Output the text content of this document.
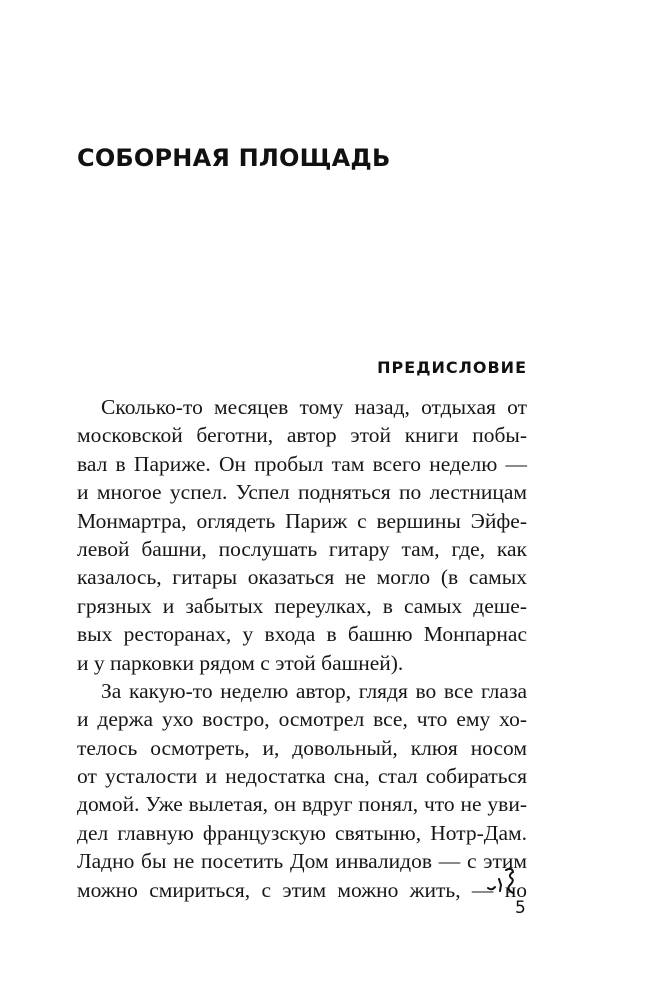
СОБОРНАЯ ПЛОЩАДЬ
ПРЕДИСЛОВИЕ
Сколько-то месяцев тому назад, отдыхая от
московской беготни, автор этой книги побы-
вал в Париже. Он пробыл там всего неделю —
и многое успел. Успел подняться по лестницам
Монмартра, оглядеть Париж с вершины Эйфе-
левой башни, послушать гитару там, где, как
казалось, гитары оказаться не могло (в самых
грязных и забытых переулках, в самых деше-
вых ресторанах, у входа в башню Монпарнас
и у парковки рядом с этой башней).
За какую-то неделю автор, глядя во все глаза
и держа ухо востро, осмотрел все, что ему хо-
телось осмотреть, и, довольный, клюя носом
от усталости и недостатка сна, стал собираться
домой. Уже вылетая, он вдруг понял, что не уви-
дел главную французскую святыню, Нотр-Дам.
Ладно бы не посетить Дом инвалидов — с этим
можно смириться, с этим можно жить, — но
5
